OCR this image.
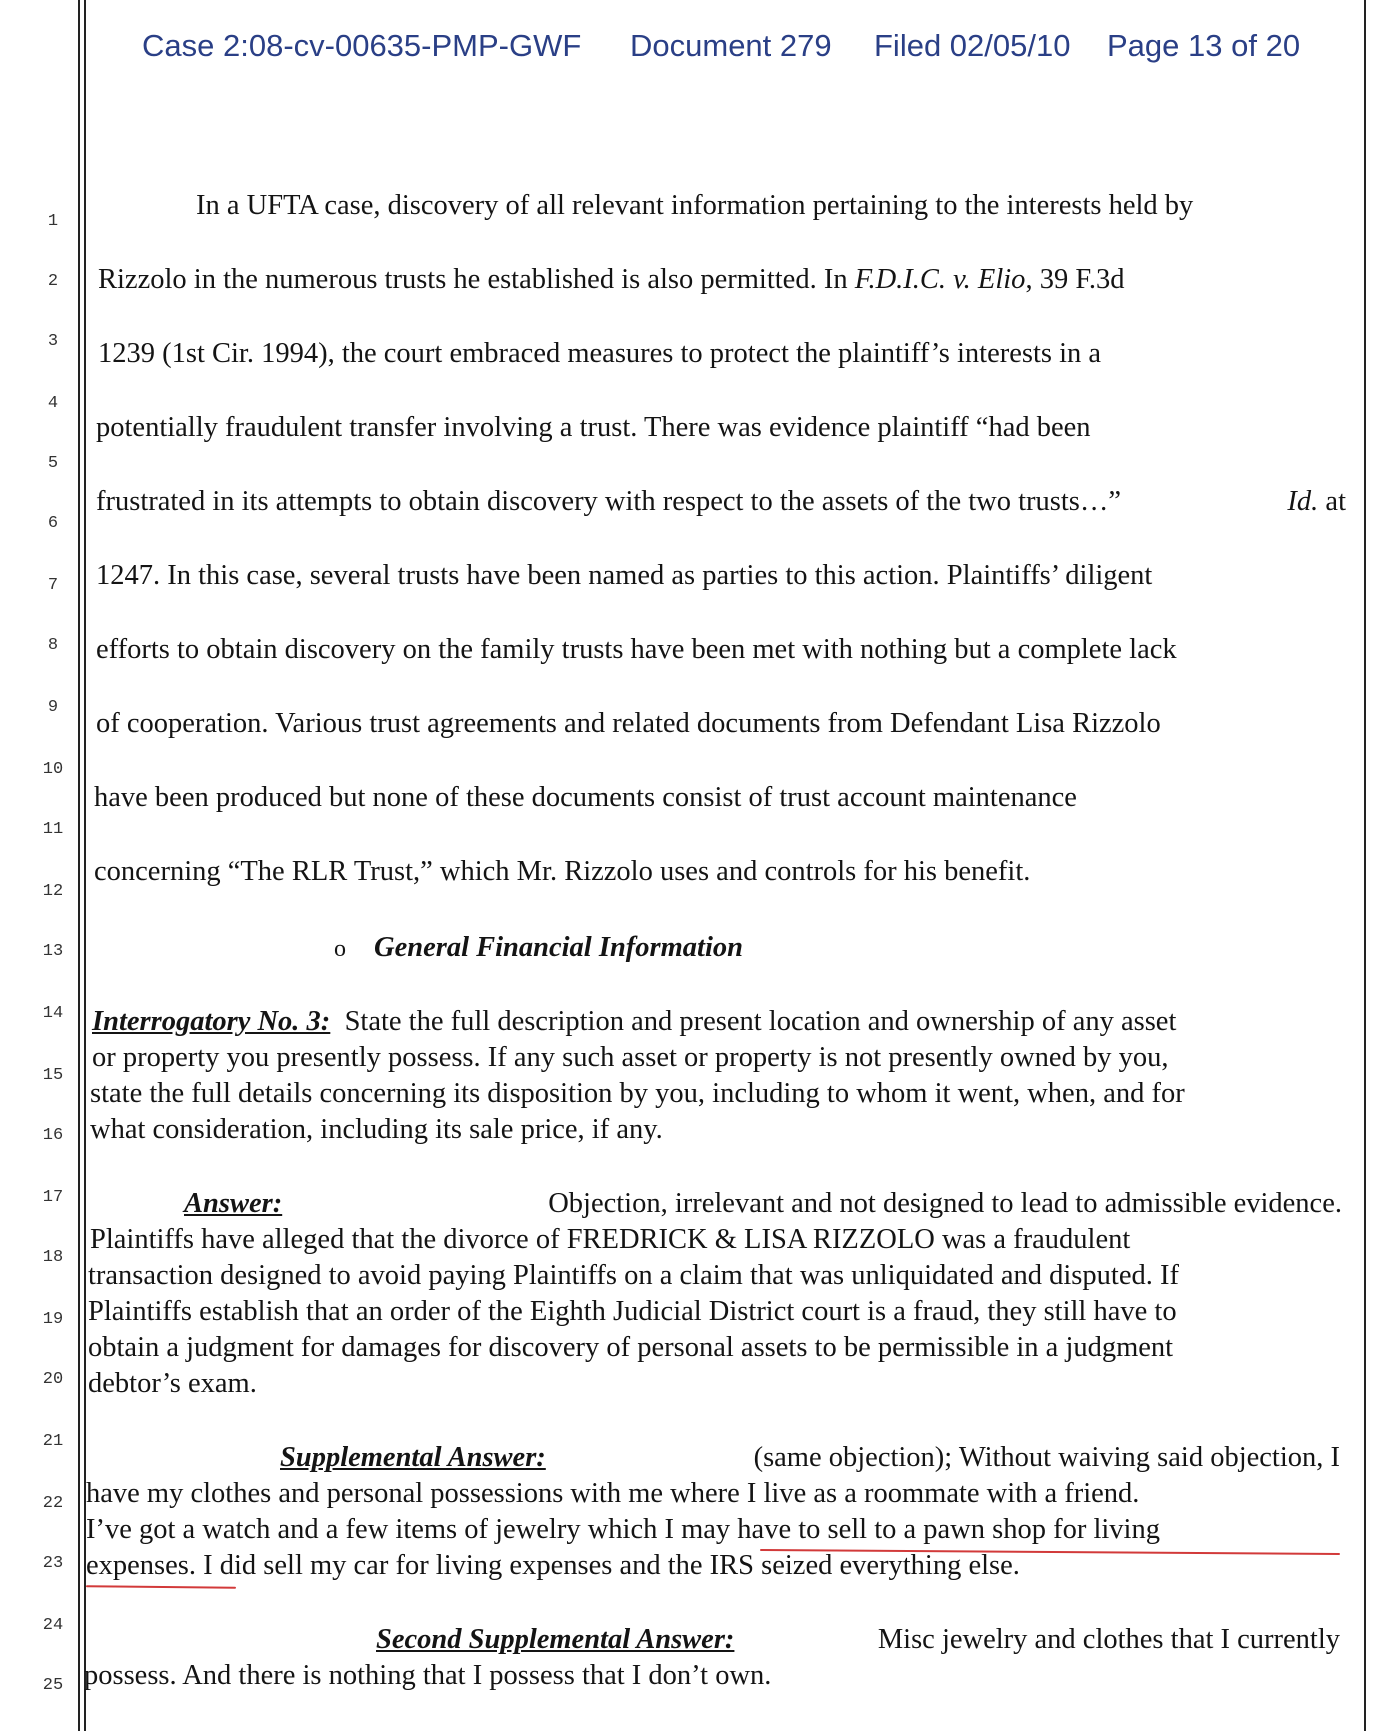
Case 2:08-cv-00635-PMP-GWF Document 279 Filed 02/05/10 Page 13 of 20
1
2
3
4
5
6
7
8
9
10
11
12
13
14
15
16
17
18
19
20
21
22
23
24
25
In a UFTA case, discovery of all relevant information pertaining to the interests held by
Rizzolo in the numerous trusts he established is also permitted. In F.D.I.C. v. Elio, 39 F.3d
1239 (1st Cir. 1994), the court embraced measures to protect the plaintiff’s interests in a
potentially fraudulent transfer involving a trust. There was evidence plaintiff “had been
frustrated in its attempts to obtain discovery with respect to the assets of the two trusts…”	Id. at
1247. In this case, several trusts have been named as parties to this action. Plaintiffs’ diligent
efforts to obtain discovery on the family trusts have been met with nothing but a complete lack
of cooperation. Various trust agreements and related documents from Defendant Lisa Rizzolo
have been produced but none of these documents consist of trust account maintenance
concerning “The RLR Trust,” which Mr. Rizzolo uses and controls for his benefit.
o General Financial Information
Interrogatory No. 3: State the full description and present location and ownership of any asset
or property you presently possess. If any such asset or property is not presently owned by you,
state the full details concerning its disposition by you, including to whom it went, when, and for
what consideration, including its sale price, if any.
Answer:	Objection, irrelevant and not designed to lead to admissible evidence.
Plaintiffs have alleged that the divorce of FREDRICK & LISA RIZZOLO was a fraudulent
transaction designed to avoid paying Plaintiffs on a claim that was unliquidated and disputed. If
Plaintiffs establish that an order of the Eighth Judicial District court is a fraud, they still have to
obtain a judgment for damages for discovery of personal assets to be permissible in a judgment
debtor’s exam.
Supplemental Answer:	(same objection); Without waiving said objection, I
have my clothes and personal possessions with me where I live as a roommate with a friend.
I’ve got a watch and a few items of jewelry which I may have to sell to a pawn shop for living
expenses. I did sell my car for living expenses and the IRS seized everything else.
Second Supplemental Answer:	Misc jewelry and clothes that I currently
possess. And there is nothing that I possess that I don’t own.
